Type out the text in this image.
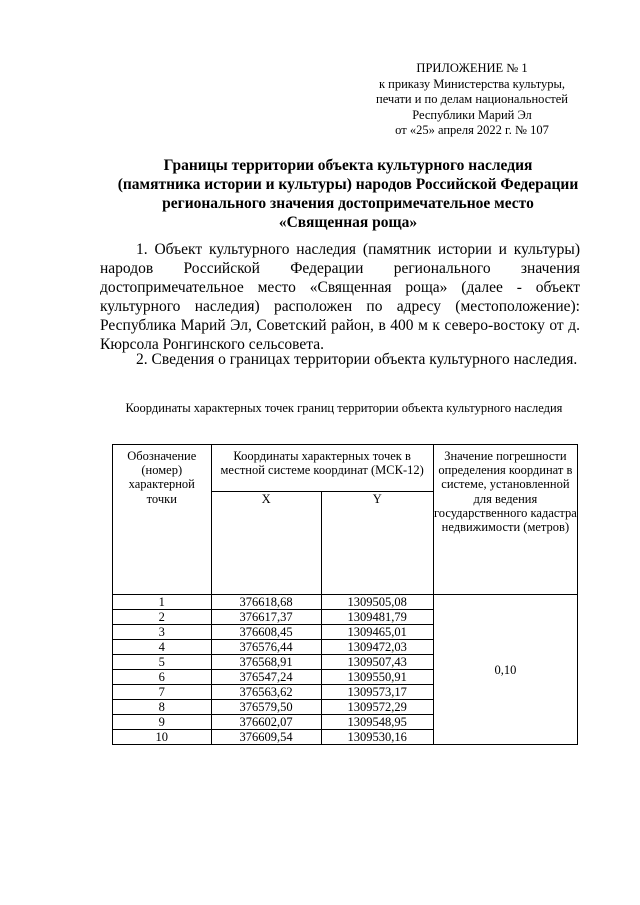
ПРИЛОЖЕНИЕ № 1
к приказу Министерства культуры,
печати и по делам национальностей
Республики Марий Эл
от «25» апреля 2022 г. № 107
Границы территории объекта культурного наследия
(памятника истории и культуры) народов Российской Федерации
регионального значения достопримечательное место
«Священная роща»
1. Объект культурного наследия (памятник истории и культуры) народов Российской Федерации регионального значения достопримечательное место «Священная роща» (далее - объект культурного наследия) расположен по адресу (местоположение): Республика Марий Эл, Советский район, в 400 м к северо-востоку от д. Кюрсола Ронгинского сельсовета.
2. Сведения о границах территории объекта культурного наследия.
Координаты характерных точек границ территории объекта культурного наследия
Обозначение (номер) характерной точки	Координаты характерных точек в местной системе координат (МСК-12)		Значение погрешности определения координат в системе, установленной для ведения государственного кадастра недвижимости (метров)
	X	Y	
1	376618,68	1309505,08	0,10
2	376617,37	1309481,79	
3	376608,45	1309465,01	
4	376576,44	1309472,03	
5	376568,91	1309507,43	
6	376547,24	1309550,91	
7	376563,62	1309573,17	
8	376579,50	1309572,29	
9	376602,07	1309548,95	
10	376609,54	1309530,16	
